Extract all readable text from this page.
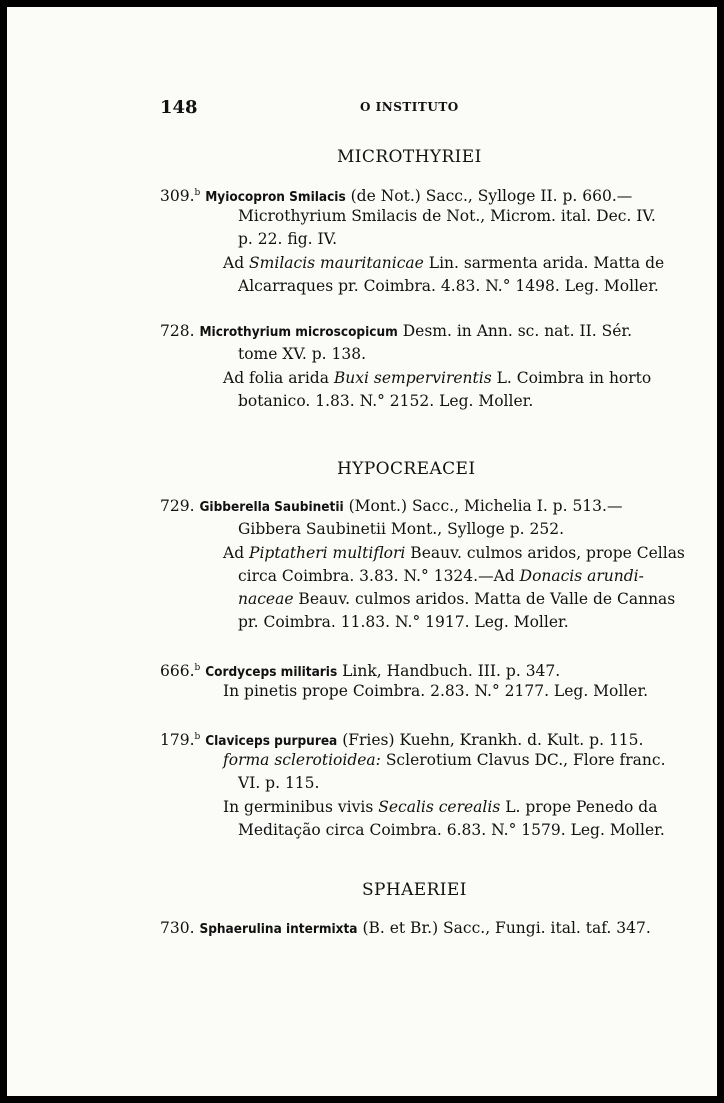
148	O INSTITUTO
MICROTHYRIEI
309.$^b$ Myiocopron Smilacis (de Not.) Sacc., Sylloge II. p. 660.—
Microthyrium Smilacis de Not., Microm. ital. Dec. IV.
p. 22. fig. IV.
Ad Smilacis mauritanicae Lin. sarmenta arida. Matta de
Alcarraques pr. Coimbra. 4.83. N.° 1498. Leg. Moller.
728. Microthyrium microscopicum Desm. in Ann. sc. nat. II. Sér.
tome XV. p. 138.
Ad folia arida Buxi sempervirentis L. Coimbra in horto
botanico. 1.83. N.° 2152. Leg. Moller.
HYPOCREACEI
729. Gibberella Saubinetii (Mont.) Sacc., Michelia I. p. 513.—
Gibbera Saubinetii Mont., Sylloge p. 252.
Ad Piptatheri multiflori Beauv. culmos aridos, prope Cellas
circa Coimbra. 3.83. N.° 1324.—Ad Donacis arundi-
naceae Beauv. culmos aridos. Matta de Valle de Cannas
pr. Coimbra. 11.83. N.° 1917. Leg. Moller.
666.$^b$ Cordyceps militaris Link, Handbuch. III. p. 347.
In pinetis prope Coimbra. 2.83. N.° 2177. Leg. Moller.
179.$^b$ Claviceps purpurea (Fries) Kuehn, Krankh. d. Kult. p. 115.
forma sclerotioidea: Sclerotium Clavus DC., Flore franc.
VI. p. 115.
In germinibus vivis Secalis cerealis L. prope Penedo da
Meditação circa Coimbra. 6.83. N.° 1579. Leg. Moller.
SPHAERIEI
730. Sphaerulina intermixta (B. et Br.) Sacc., Fungi. ital. taf. 347.
